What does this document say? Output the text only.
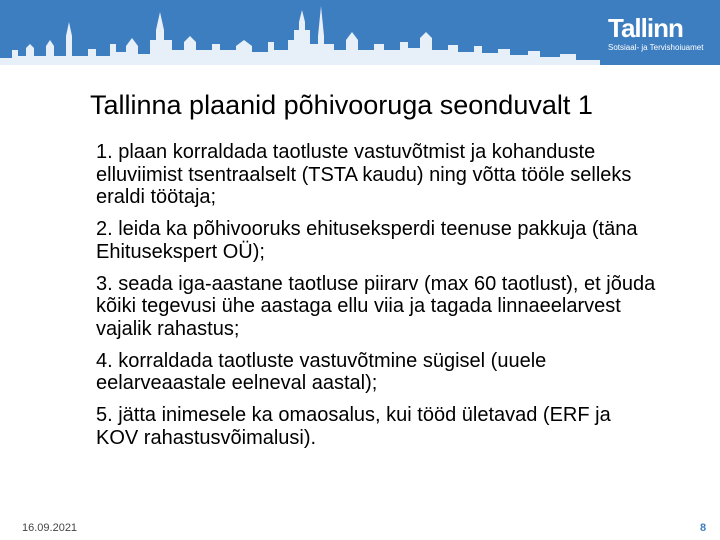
Tallinn
Sotsiaal- ja Tervishoiuamet
Tallinna plaanid põhivooruga seonduvalt 1
1. plaan korraldada taotluste vastuvõtmist ja kohanduste elluviimist tsentraalselt (TSTA kaudu) ning võtta tööle selleks eraldi töötaja;
2. leida ka põhivooruks ehituseksperdi teenuse pakkuja (täna Ehitusekspert OÜ);
3. seada iga-aastane taotluse piirarv (max 60 taotlust), et jõuda kõiki tegevusi ühe aastaga ellu viia ja tagada linnaeelarvest vajalik rahastus;
4. korraldada taotluste vastuvõtmine sügisel (uuele eelarveaastale eelneval aastal);
5. jätta inimesele ka omaosalus, kui tööd ületavad (ERF ja KOV rahastusvõimalusi).
16.09.2021	8
